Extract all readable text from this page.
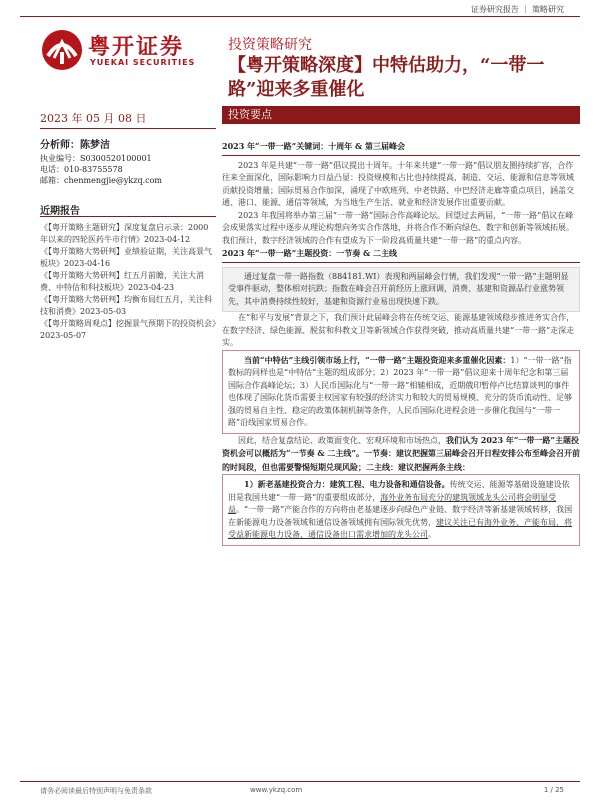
证券研究报告 ｜ 策略研究
粤开证券
YUEKAI SECURITIES
投资策略研究
【粤开策略深度】中特估助力，“一带一路”迎来多重催化
2023 年 05 月 08 日	投资要点
分析师：陈梦洁
执业编号：S0300520100001
电话：010-83755578
邮箱：chenmengjie@ykzq.com
近期报告
《【粤开策略主题研究】深度复盘启示录：2000 年以来的四轮医药牛市行情》2023-04-12
《【粤开策略大势研判】业绩验证期，关注高景气板块》2023-04-16
《【粤开策略大势研判】红五月前瞻，关注大消费、中特估和科技板块》2023-04-23
《【粤开策略大势研判】均衡布局红五月，关注科技和消费》2023-05-03
《【粤开策略周观点】挖掘景气预期下的投资机会》2023-05-07
2023 年“一带一路”关键词：十周年 & 第三届峰会

2023 年是共建“一带一路”倡议提出十周年。十年来共建“一带一路”倡议朋友圈持续扩容，合作往来全面深化，国际影响力日益凸显：投资规模和占比也持续提高，制造、交运、能源和信息等领域贡献投资增量；国际贸易合作加深，涌现了中欧班列、中老铁路、中巴经济走廊等重点项目，涵盖交通、港口、能源、通信等领域，为当地生产生活、就业和经济发展作出重要贡献。

2023 年我国将举办第三届“一带一路”国际合作高峰论坛。回望过去两届，“一带一路”倡议在峰会成果落实过程中逐步从理论构想向务实合作落地，并将合作不断向绿色、数字和创新等领域拓展。我们预计，数字经济领域的合作有望成为下一阶段高质量共建“一带一路”的重点内容。

2023 年“一带一路”主题投资：一节奏 & 二主线

通过复盘一带一路指数（884181.WI）表现和两届峰会行情，我们发现“一带一路”主题明显受事件驱动，整体相对抗跌；指数在峰会召开前经历上涨回调，消费、基建和资源品行业涨势领先，其中消费持续性较好，基建和资源行业易出现快速下跌。

在“和平与发展”背景之下，我们预计此届峰会将在传统交运、能源基建领域稳步推进务实合作，在数字经济、绿色能源、脱贫和科教文卫等新领域合作获得突破，推动高质量共建“一带一路”走深走实。

当前“中特估”主线引领市场上行，“一带一路”主题投资迎来多重催化因素：1）“一带一路”指数标的同样也是“中特估”主题的组成部分；2）2023 年“一带一路”倡议迎来十周年纪念和第三届国际合作高峰论坛；3）人民币国际化与“一带一路”相辅相成，近期俄印暂停卢比结算谈判的事件也体现了国际化货币需要主权国家有较强的经济实力和较大的贸易规模、充分的货币流动性、足够强的贸易自主性、稳定的政策体制机制等条件，人民币国际化进程会进一步催化我国与“一带一路”沿线国家贸易合作。

因此，结合复盘结论、政策面变化、宏观环境和市场热点，我们认为 2023 年“一带一路”主题投资机会可以概括为“一节奏 & 二主线”。一节奏：建议把握第三届峰会召开日程安排公布至峰会召开前的时间段，但也需要警惕短期兑现风险；二主线：建议把握两条主线：

1）新老基建投资合力：建筑工程、电力设备和通信设备。传统交运、能源等基础设施建设依旧是我国共建“一带一路”的重要组成部分，海外业务布局充分的建筑领域龙头公司将会明显受益。“一带一路”产能合作的方向将由老基建逐步向绿色产业链、数字经济等新基建领域转移，我国在新能源电力设备领域和通信设备领域拥有国际领先优势，建议关注已有海外业务、产能布局，将受益新能源电力设备、通信设备出口需求增加的龙头公司。

请务必阅读最后特别声明与免责条款	www.ykzq.com	1 / 25
